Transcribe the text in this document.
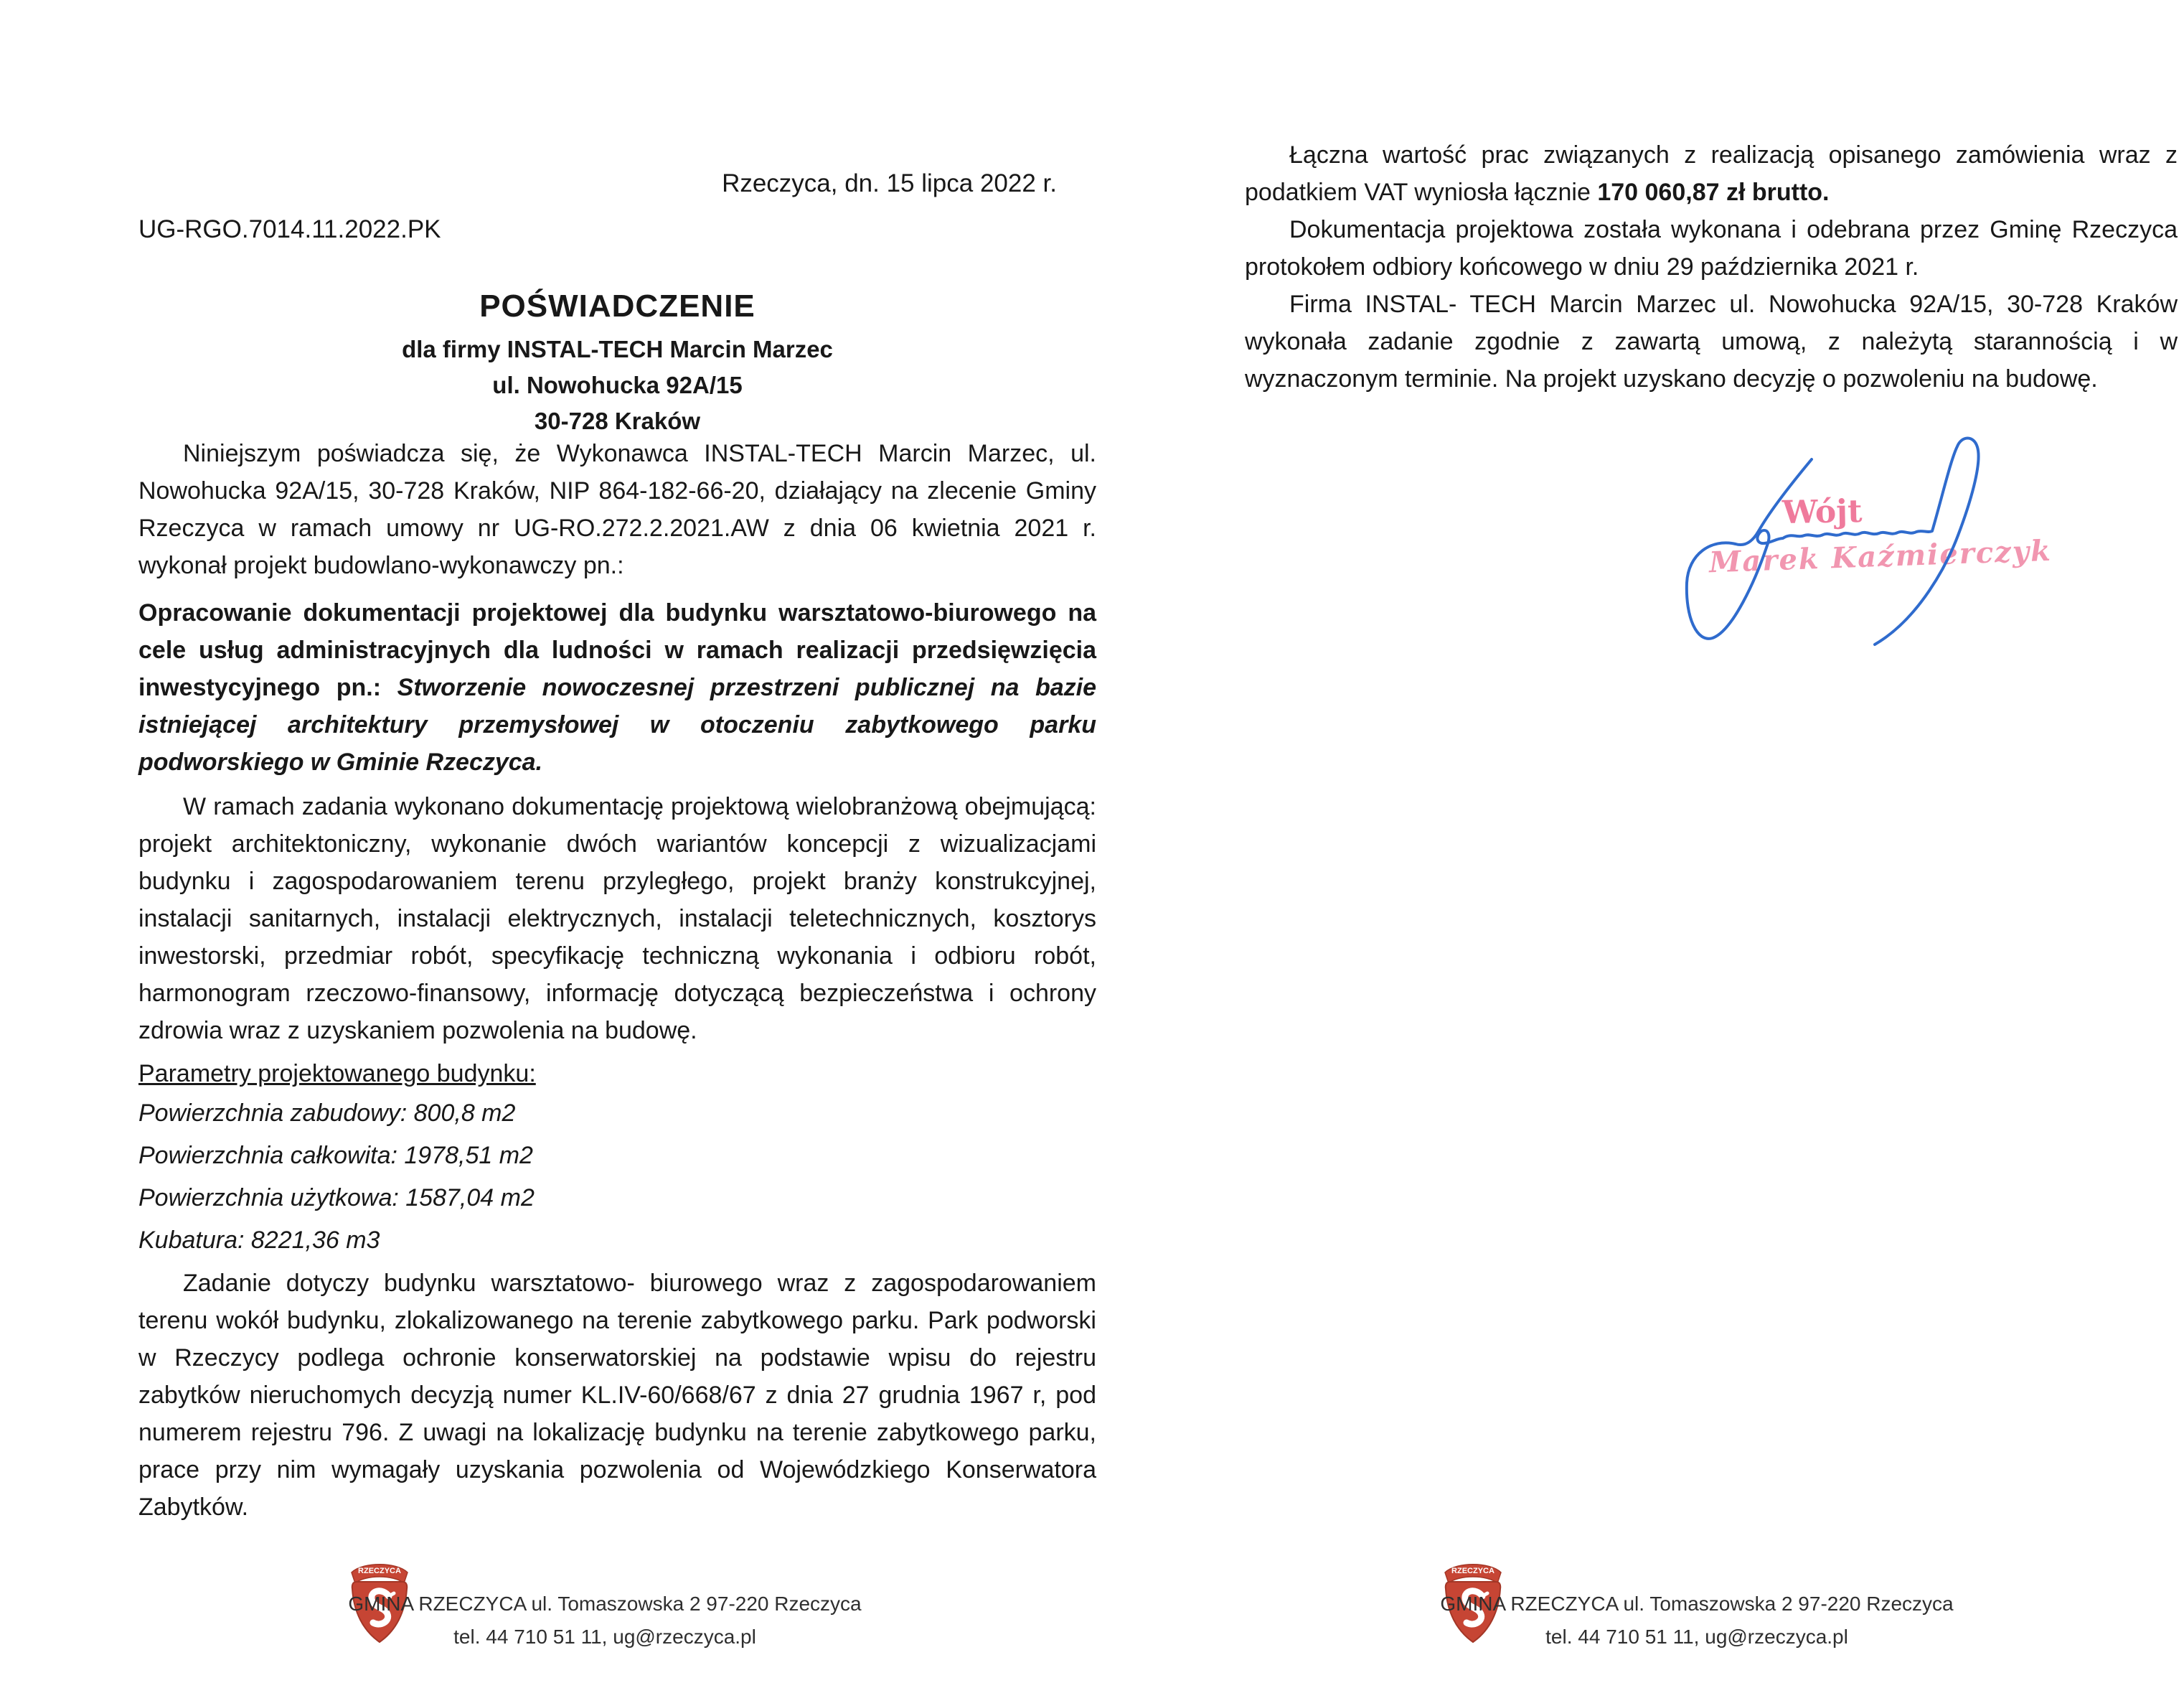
Rzeczyca, dn. 15 lipca 2022 r.
UG-RGO.7014.11.2022.PK
POŚWIADCZENIE
dla firmy INSTAL-TECH Marcin Marzec
ul. Nowohucka 92A/15
30-728 Kraków

Niniejszym poświadcza się, że Wykonawca INSTAL-TECH Marcin Marzec, ul. Nowohucka 92A/15, 30-728 Kraków, NIP 864-182-66-20, działający na zlecenie Gminy Rzeczyca w ramach umowy nr UG-RO.272.2.2021.AW z dnia 06 kwietnia 2021 r. wykonał projekt budowlano-wykonawczy pn.:

Opracowanie dokumentacji projektowej dla budynku warsztatowo-biurowego na cele usług administracyjnych dla ludności w ramach realizacji przedsięwzięcia inwestycyjnego pn.: Stworzenie nowoczesnej przestrzeni publicznej na bazie istniejącej architektury przemysłowej w otoczeniu zabytkowego parku podworskiego w Gminie Rzeczyca.

W ramach zadania wykonano dokumentację projektową wielobranżową obejmującą: projekt architektoniczny, wykonanie dwóch wariantów koncepcji z wizualizacjami budynku i zagospodarowaniem terenu przyległego, projekt branży konstrukcyjnej, instalacji sanitarnych, instalacji elektrycznych, instalacji teletechnicznych, kosztorys inwestorski, przedmiar robót, specyfikację techniczną wykonania i odbioru robót, harmonogram rzeczowo-finansowy, informację dotyczącą bezpieczeństwa i ochrony zdrowia wraz z uzyskaniem pozwolenia na budowę.

Parametry projektowanego budynku:

Powierzchnia zabudowy: 800,8 m2

Powierzchnia całkowita: 1978,51 m2

Powierzchnia użytkowa: 1587,04 m2

Kubatura: 8221,36 m3

Zadanie dotyczy budynku warsztatowo- biurowego wraz z zagospodarowaniem terenu wokół budynku, zlokalizowanego na terenie zabytkowego parku. Park podworski w Rzeczycy podlega ochronie konserwatorskiej na podstawie wpisu do rejestru zabytków nieruchomych decyzją numer KL.IV-60/668/67 z dnia 27 grudnia 1967 r, pod numerem rejestru 796. Z uwagi na lokalizację budynku na terenie zabytkowego parku, prace przy nim wymagały uzyskania pozwolenia od Wojewódzkiego Konserwatora Zabytków.

RZECZYCA
GMINA RZECZYCA ul. Tomaszowska 2 97-220 Rzeczyca
tel. 44 710 51 11, ug@rzeczyca.pl

Łączna wartość prac związanych z realizacją opisanego zamówienia wraz z podatkiem VAT wyniosła łącznie 170 060,87 zł brutto.

Dokumentacja projektowa została wykonana i odebrana przez Gminę Rzeczyca protokołem odbiory końcowego w dniu 29 października 2021 r.

Firma INSTAL- TECH Marcin Marzec ul. Nowohucka 92A/15, 30-728 Kraków wykonała zadanie zgodnie z zawartą umową, z należytą starannością i w wyznaczonym terminie. Na projekt uzyskano decyzję o pozwoleniu na budowę.

Wójt
Marek Kaźmierczyk
RZECZYCA
GMINA RZECZYCA ul. Tomaszowska 2 97-220 Rzeczyca
tel. 44 710 51 11, ug@rzeczyca.pl
